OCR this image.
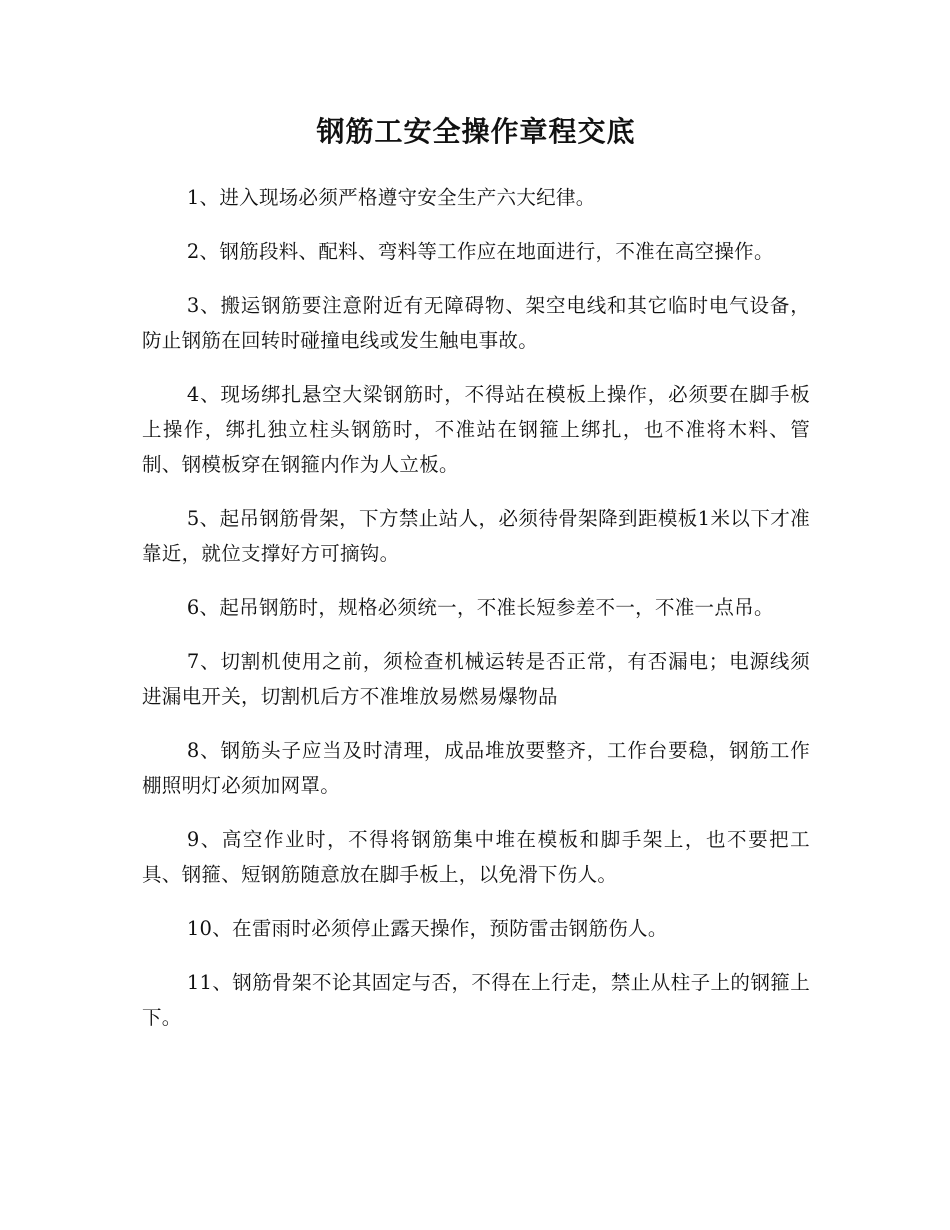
钢筋工安全操作章程交底

1、进入现场必须严格遵守安全生产六大纪律。

2、钢筋段料、配料、弯料等工作应在地面进行，不准在高空操作。

3、搬运钢筋要注意附近有无障碍物、架空电线和其它临时电气设备，防止钢筋在回转时碰撞电线或发生触电事故。

4、现场绑扎悬空大梁钢筋时，不得站在模板上操作，必须要在脚手板上操作，绑扎独立柱头钢筋时，不准站在钢箍上绑扎，也不准将木料、管制、钢模板穿在钢箍内作为人立板。

5、起吊钢筋骨架，下方禁止站人，必须待骨架降到距模板1米以下才准靠近，就位支撑好方可摘钩。

6、起吊钢筋时，规格必须统一，不准长短参差不一，不准一点吊。

7、切割机使用之前，须检查机械运转是否正常，有否漏电；电源线须进漏电开关，切割机后方不准堆放易燃易爆物品

8、钢筋头子应当及时清理，成品堆放要整齐，工作台要稳，钢筋工作棚照明灯必须加网罩。

9、高空作业时，不得将钢筋集中堆在模板和脚手架上，也不要把工具、钢箍、短钢筋随意放在脚手板上，以免滑下伤人。

10、在雷雨时必须停止露天操作，预防雷击钢筋伤人。

11、钢筋骨架不论其固定与否，不得在上行走，禁止从柱子上的钢箍上下。
